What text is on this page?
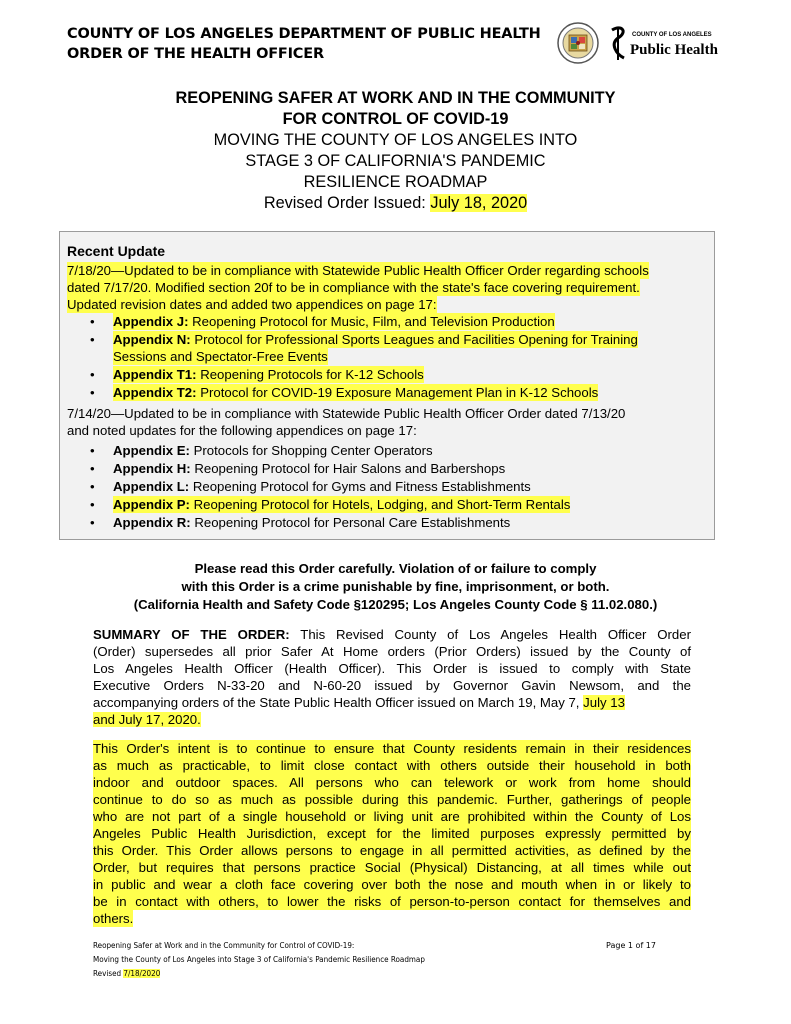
COUNTY OF LOS ANGELES DEPARTMENT OF PUBLIC HEALTH
ORDER OF THE HEALTH OFFICER
COUNTY OF LOS ANGELES
Public Health
REOPENING SAFER AT WORK AND IN THE COMMUNITY
FOR CONTROL OF COVID-19
MOVING THE COUNTY OF LOS ANGELES INTO
STAGE 3 OF CALIFORNIA'S PANDEMIC
RESILIENCE ROADMAP
Revised Order Issued: July 18, 2020
Recent Update
7/18/20—Updated to be in compliance with Statewide Public Health Officer Order regarding schools
dated 7/17/20. Modified section 20f to be in compliance with the state's face covering requirement.
Updated revision dates and added two appendices on page 17:
• Appendix J: Reopening Protocol for Music, Film, and Television Production
• Appendix N: Protocol for Professional Sports Leagues and Facilities Opening for Training
Sessions and Spectator-Free Events
• Appendix T1: Reopening Protocols for K-12 Schools
• Appendix T2: Protocol for COVID-19 Exposure Management Plan in K-12 Schools
7/14/20—Updated to be in compliance with Statewide Public Health Officer Order dated 7/13/20
and noted updates for the following appendices on page 17:
• Appendix E: Protocols for Shopping Center Operators
• Appendix H: Reopening Protocol for Hair Salons and Barbershops
• Appendix L: Reopening Protocol for Gyms and Fitness Establishments
• Appendix P: Reopening Protocol for Hotels, Lodging, and Short-Term Rentals
• Appendix R: Reopening Protocol for Personal Care Establishments
Please read this Order carefully. Violation of or failure to comply
with this Order is a crime punishable by fine, imprisonment, or both.
(California Health and Safety Code §120295; Los Angeles County Code § 11.02.080.)
SUMMARY OF THE ORDER: This Revised County of Los Angeles Health Officer Order
(Order) supersedes all prior Safer At Home orders (Prior Orders) issued by the County of
Los Angeles Health Officer (Health Officer). This Order is issued to comply with State
Executive Orders N-33-20 and N-60-20 issued by Governor Gavin Newsom, and the
accompanying orders of the State Public Health Officer issued on March 19, May 7, July 13
and July 17, 2020.
This Order's intent is to continue to ensure that County residents remain in their residences
as much as practicable, to limit close contact with others outside their household in both
indoor and outdoor spaces. All persons who can telework or work from home should
continue to do so as much as possible during this pandemic. Further, gatherings of people
who are not part of a single household or living unit are prohibited within the County of Los
Angeles Public Health Jurisdiction, except for the limited purposes expressly permitted by
this Order. This Order allows persons to engage in all permitted activities, as defined by the
Order, but requires that persons practice Social (Physical) Distancing, at all times while out
in public and wear a cloth face covering over both the nose and mouth when in or likely to
be in contact with others, to lower the risks of person-to-person contact for themselves and
others.
Reopening Safer at Work and in the Community for Control of COVID-19:
Moving the County of Los Angeles into Stage 3 of California's Pandemic Resilience Roadmap
Revised 7/18/2020
Page 1 of 17
